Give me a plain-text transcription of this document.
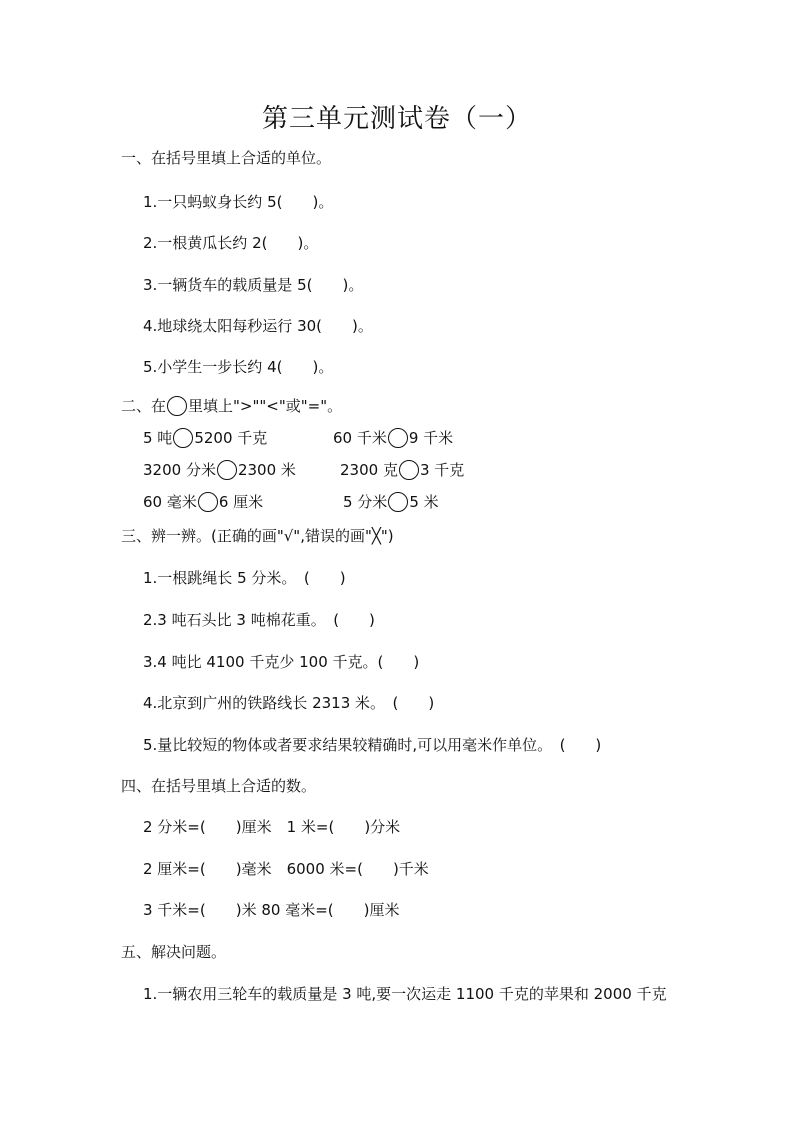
第三单元测试卷（一）
一、在括号里填上合适的单位。
1.一只蚂蚁身长约 5(　　)。
2.一根黄瓜长约 2(　　)。
3.一辆货车的载质量是 5(　　)。
4.地球绕太阳每秒运行 30(　　)。
5.小学生一步长约 4(　　)。
二、在 里填上">""<"或"="。
5 吨 5200 千克	60 千米 9 千米
3200 分米 2300 米	2300 克 3 千克
60 毫米 6 厘米	5 分米 5 米
三、辨一辨。(正确的画"√",错误的画"╳")
1.一根跳绳长 5 分米。　(　　)
2.3 吨石头比 3 吨棉花重。　(　　)
3.4 吨比 4100 千克少 100 千克。(　　)
4.北京到广州的铁路线长 2313 米。　(　　)
5.量比较短的物体或者要求结果较精确时,可以用毫米作单位。　(　　)
四、在括号里填上合适的数。
2 分米=(　　)厘米　1 米=(　　)分米
2 厘米=(　　)毫米　6000 米=(　　)千米
3 千米=(　　)米 80 毫米=(　　)厘米
五、解决问题。
1.一辆农用三轮车的载质量是 3 吨,要一次运走 1100 千克的苹果和 2000 千克
